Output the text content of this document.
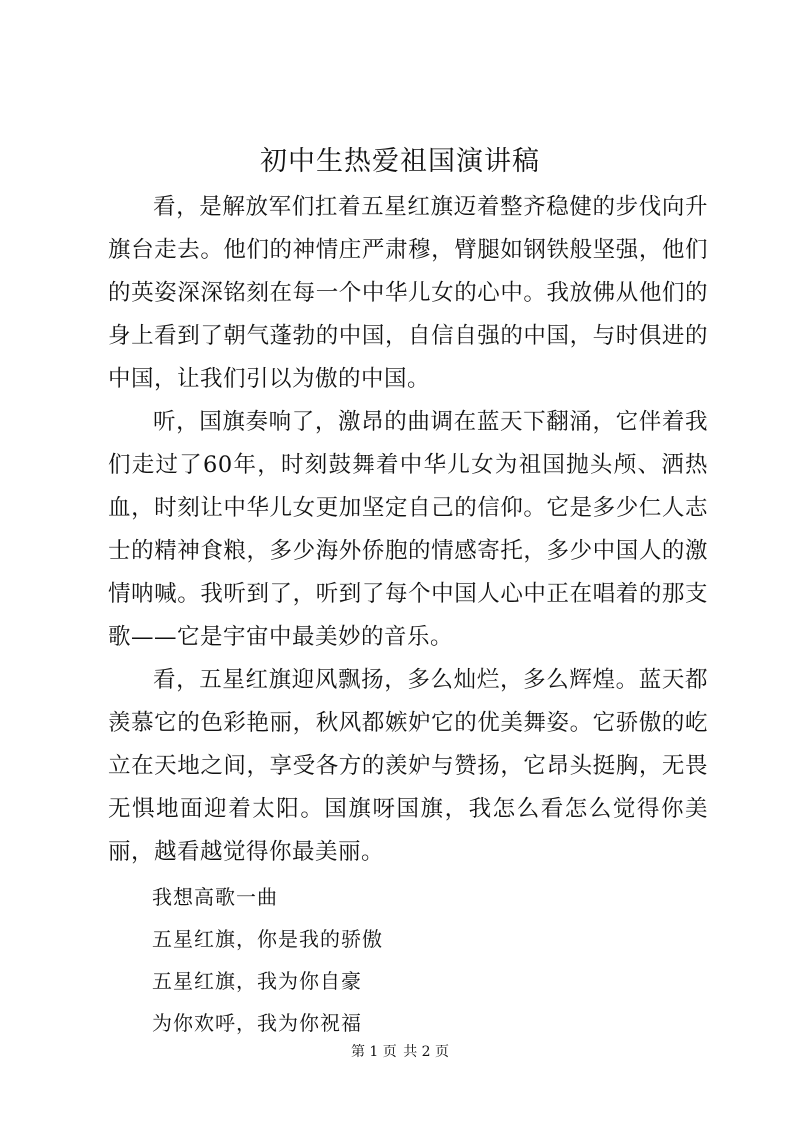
初中生热爱祖国演讲稿

看，是解放军们扛着五星红旗迈着整齐稳健的步伐向升旗台走去。他们的神情庄严肃穆，臂腿如钢铁般坚强，他们的英姿深深铭刻在每一个中华儿女的心中。我放佛从他们的身上看到了朝气蓬勃的中国，自信自强的中国，与时俱进的中国，让我们引以为傲的中国。

听，国旗奏响了，激昂的曲调在蓝天下翻涌，它伴着我们走过了60年，时刻鼓舞着中华儿女为祖国抛头颅、洒热血，时刻让中华儿女更加坚定自己的信仰。它是多少仁人志士的精神食粮，多少海外侨胞的情感寄托，多少中国人的激情呐喊。我听到了，听到了每个中国人心中正在唱着的那支歌——它是宇宙中最美妙的音乐。

看，五星红旗迎风飘扬，多么灿烂，多么辉煌。蓝天都羡慕它的色彩艳丽，秋风都嫉妒它的优美舞姿。它骄傲的屹立在天地之间，享受各方的羡妒与赞扬，它昂头挺胸，无畏无惧地面迎着太阳。国旗呀国旗，我怎么看怎么觉得你美丽，越看越觉得你最美丽。

我想高歌一曲

五星红旗，你是我的骄傲

五星红旗，我为你自豪

为你欢呼，我为你祝福

第 1 页 共 2 页
